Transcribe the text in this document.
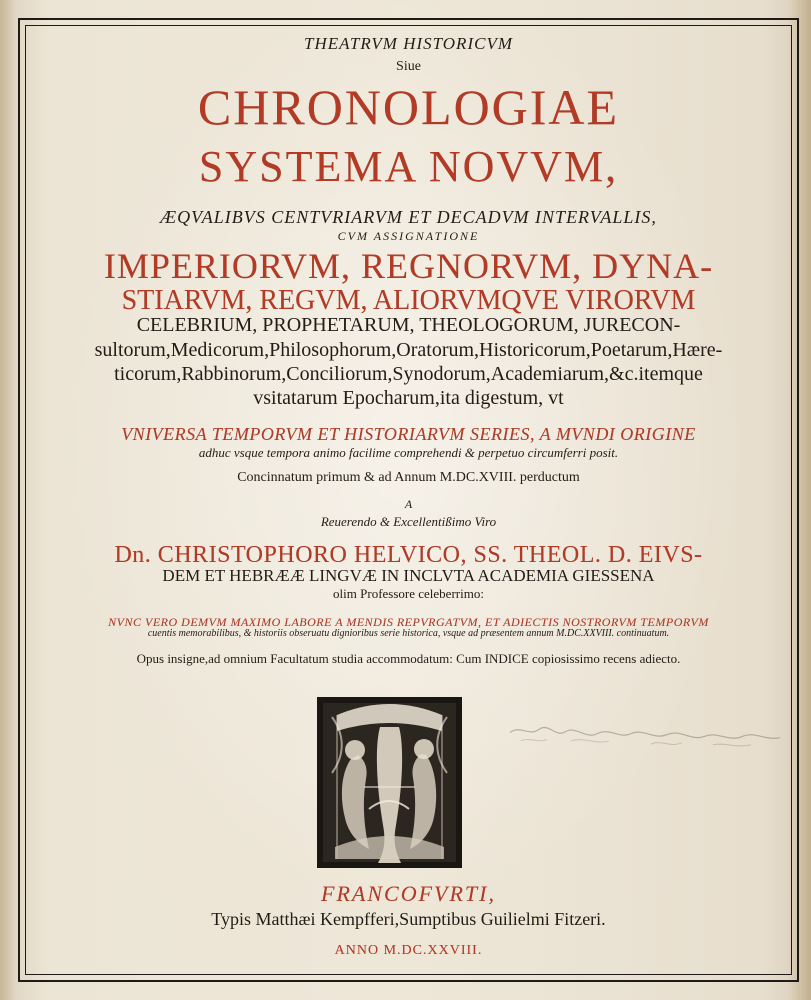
THEATRVM HISTORICVM
Siue
CHRONOLOGIAE
SYSTEMA NOVVM,
ÆQVALIBVS CENTVRIARVM ET DECADVM INTERVALLIS,
CVM ASSIGNATIONE
IMPERIORVM, REGNORVM, DYNA-
STIARVM, REGVM, ALIORVMQVE VIRORVM
CELEBRIUM, PROPHETARUM, THEOLOGORUM, JURECON-
sultorum,Medicorum,Philosophorum,Oratorum,Historicorum,Poetarum,Hære-
ticorum,Rabbinorum,Conciliorum,Synodorum,Academiarum,&c.itemque
vsitatarum Epocharum,ita digestum, vt
VNIVERSA TEMPORVM ET HISTORIARVM SERIES, A MVNDI ORIGINE
adhuc vsque tempora animo facilime comprehendi & perpetuo circumferri posit.
Concinnatum primum & ad Annum M.DC.XVIII. perductum
A
Reuerendo & Excellentißimo Viro
Dn. CHRISTOPHORO HELVICO, SS. THEOL. D. EIVS-
DEM ET HEBRÆÆ LINGVÆ IN INCLVTA ACADEMIA GIESSENA
olim Professore celeberrimo:
NVNC VERO DEMVM MAXIMO LABORE A MENDIS REPVRGATVM, ET ADIECTIS NOSTRORVM TEMPORVM
cuentis memorabilibus, & historiis obseruatu dignioribus serie historica, vsque ad præsentem annum M.DC.XXVIII. continuatum.
Opus insigne,ad omnium Facultatum studia accommodatum: Cum INDICE copiosissimo recens adiecto.
FRANCOFVRTI,
Typis Matthæi Kempfferi,Sumptibus Guilielmi Fitzeri.
ANNO M.DC.XXVIII.
